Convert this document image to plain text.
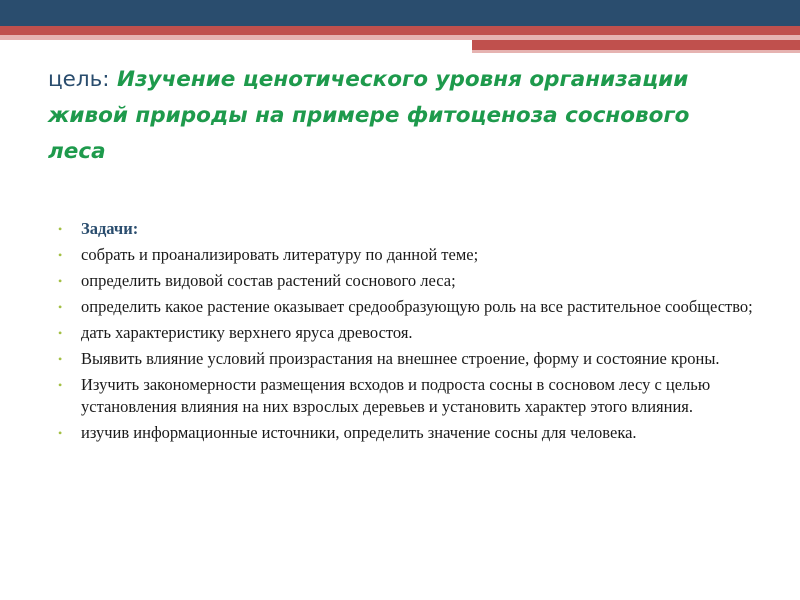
цель: Изучение ценотического уровня организации живой природы на примере фитоценоза соснового леса
• Задачи:
• собрать и проанализировать литературу по данной теме;
• определить видовой состав растений соснового леса;
• определить какое растение оказывает средообразующую роль на все растительное сообщество;
• дать характеристику верхнего яруса древостоя.
• Выявить влияние условий произрастания на внешнее строение, форму и состояние кроны.
• Изучить закономерности размещения всходов и подроста сосны в сосновом лесу с целью установления влияния на них взрослых деревьев и установить характер этого влияния.
• изучив информационные источники, определить значение сосны для человека.
